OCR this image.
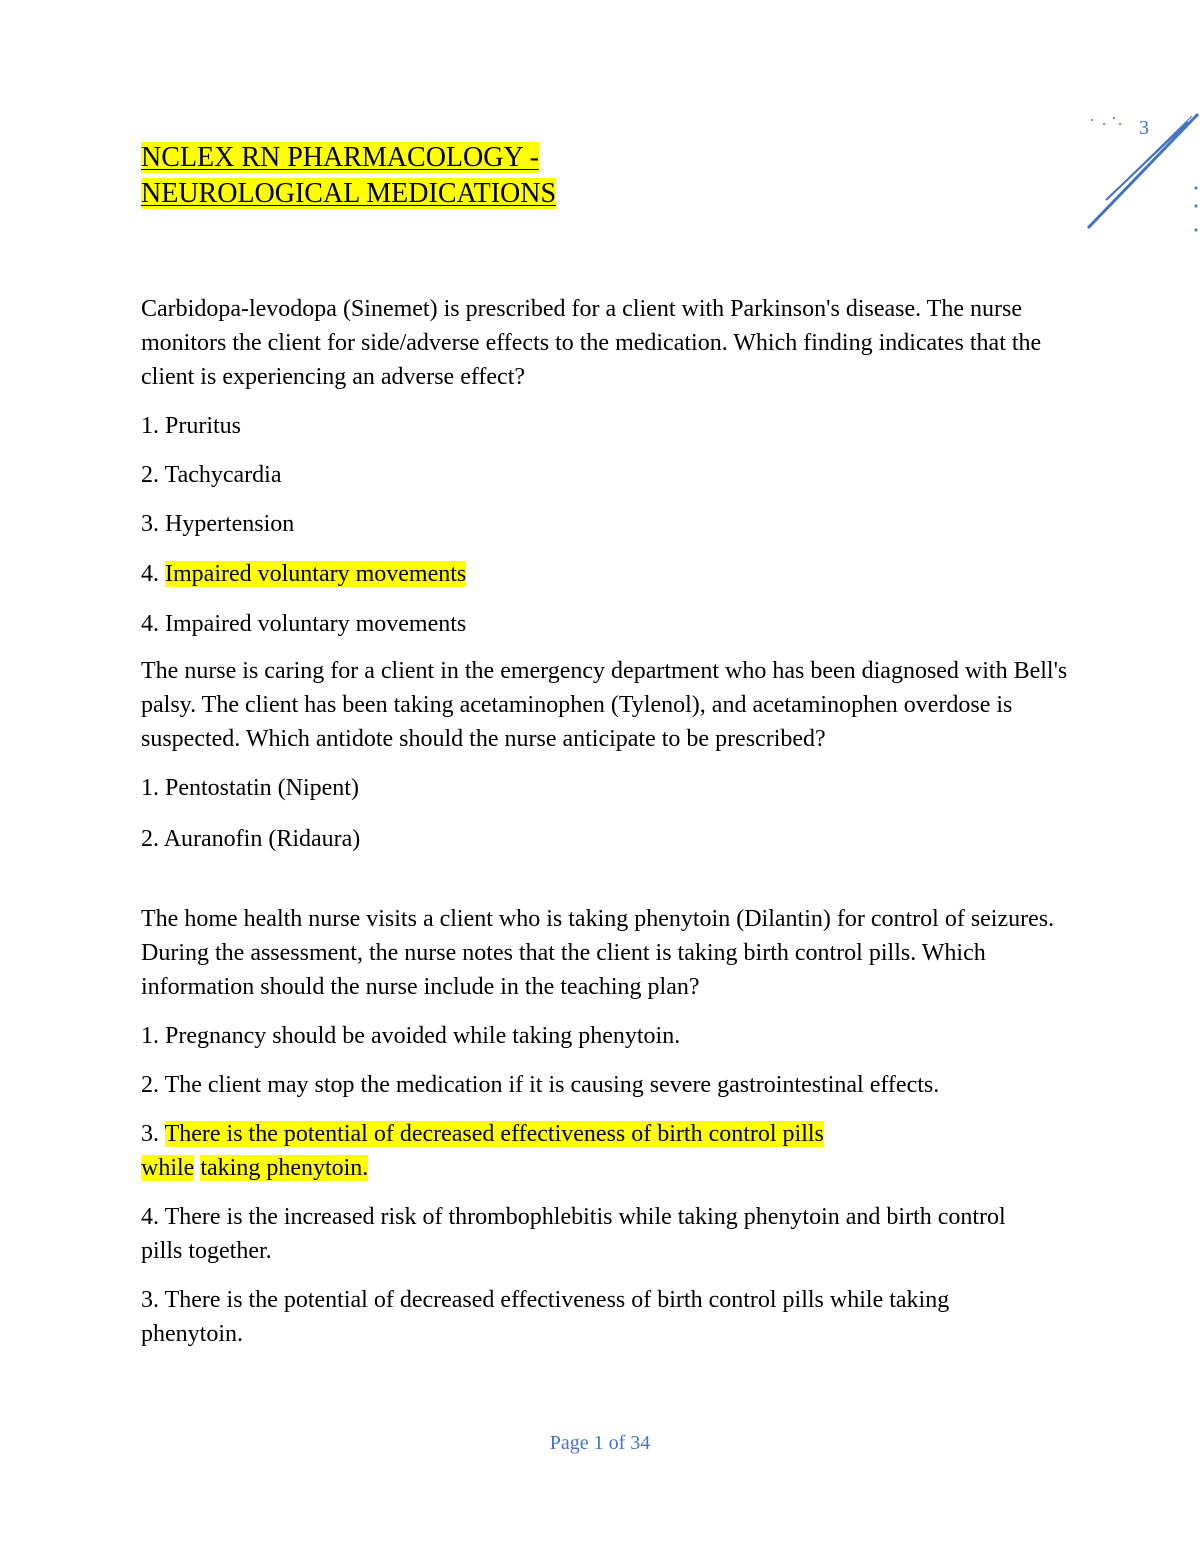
3

NCLEX RN PHARMACOLOGY -

NEUROLOGICAL MEDICATIONS

Carbidopa-levodopa (Sinemet) is prescribed for a client with Parkinson's disease. The nurse monitors the client for side/adverse effects to the medication. Which finding indicates that the client is experiencing an adverse effect?

1. Pruritus

2. Tachycardia

3. Hypertension

4. Impaired voluntary movements

4. Impaired voluntary movements

The nurse is caring for a client in the emergency department who has been diagnosed with Bell's palsy. The client has been taking acetaminophen (Tylenol), and acetaminophen overdose is suspected. Which antidote should the nurse anticipate to be prescribed?

1. Pentostatin (Nipent)

2. Auranofin (Ridaura)

The home health nurse visits a client who is taking phenytoin (Dilantin) for control of seizures. During the assessment, the nurse notes that the client is taking birth control pills. Which information should the nurse include in the teaching plan?

1. Pregnancy should be avoided while taking phenytoin.

2. The client may stop the medication if it is causing severe gastrointestinal effects.

3. There is the potential of decreased effectiveness of birth control pills
while taking phenytoin.

4. There is the increased risk of thrombophlebitis while taking phenytoin and birth control pills together.

3. There is the potential of decreased effectiveness of birth control pills while taking phenytoin.

Page 1 of 34
